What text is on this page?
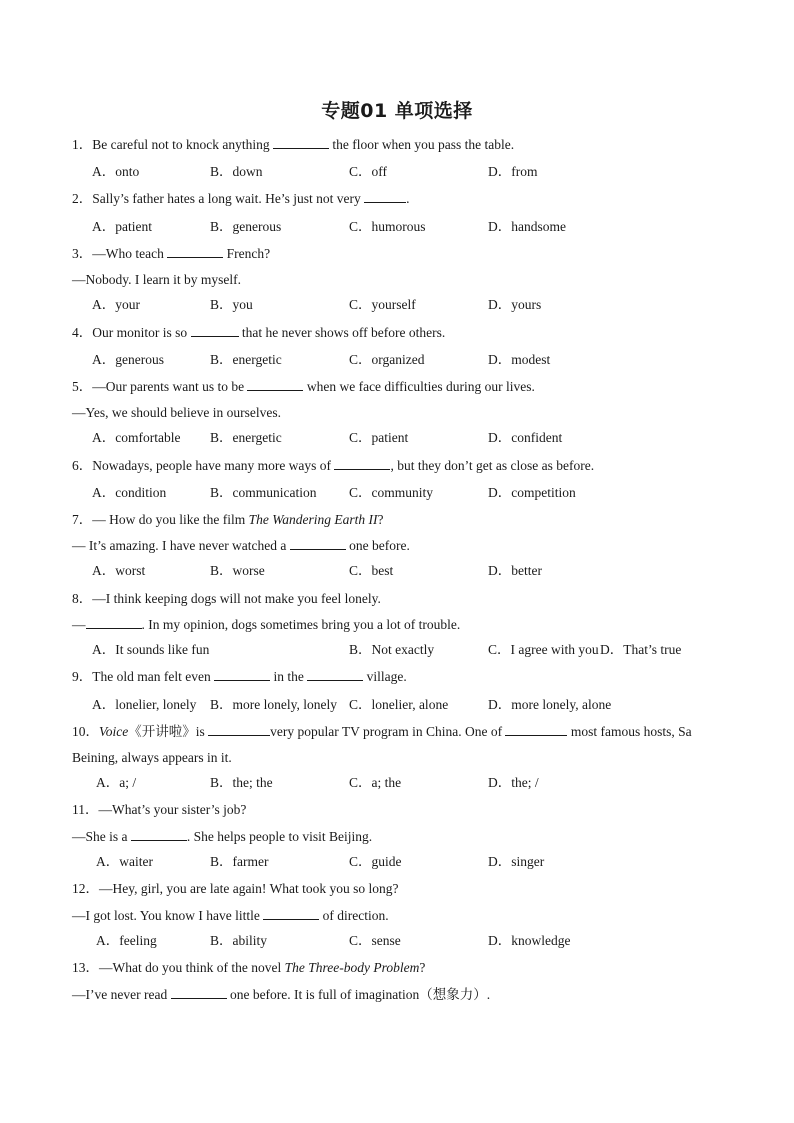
专题01 单项选择
1．Be careful not to knock anything	the floor when you pass the table.
A．onto	B．down	C．off	D．from
2．Sally’s father hates a long wait. He’s just not very	.
A．patient	B．generous	C．humorous	D．handsome
3．—Who teach	French?
—Nobody. I learn it by myself.
A．your	B．you	C．yourself	D．yours
4．Our monitor is so	that he never shows off before others.
A．generous	B．energetic	C．organized	D．modest
5．—Our parents want us to be	when we face difficulties during our lives.
—Yes, we should believe in ourselves.
A．comfortable B．energetic	C．patient	D．confident
6．Nowadays, people have many more ways of	, but they don’t get as close as before.
A．condition	B．communication C．community	D．competition
7．— How do you like the film The Wandering Earth II?
— It’s amazing. I have never watched a	one before.
A．worst	B．worse	C．best	D．better
8．—I think keeping dogs will not make you feel lonely.
—	. In my opinion, dogs sometimes bring you a lot of trouble.
A．It sounds like fun	B．Not exactly	C．I agree with you D．That’s true
9．The old man felt even	in the	village.
A．lonelier, lonely B．more lonely, lonely C．lonelier, alone	D．more lonely, alone
10．Voice《开讲啦》is	very popular TV program in China. One of	most famous hosts, Sa
Beining, always appears in it.
A．a; /	B．the; the	C．a; the	D．the; /
11．—What’s your sister’s job?
—She is a	. She helps people to visit Beijing.
A．waiter	B．farmer	C．guide	D．singer
12．—Hey, girl, you are late again! What took you so long?
—I got lost. You know I have little	of direction.
A．feeling	B．ability	C．sense	D．knowledge
13．—What do you think of the novel The Three-body Problem?
—I’ve never read	one before. It is full of imagination（想象力）.
